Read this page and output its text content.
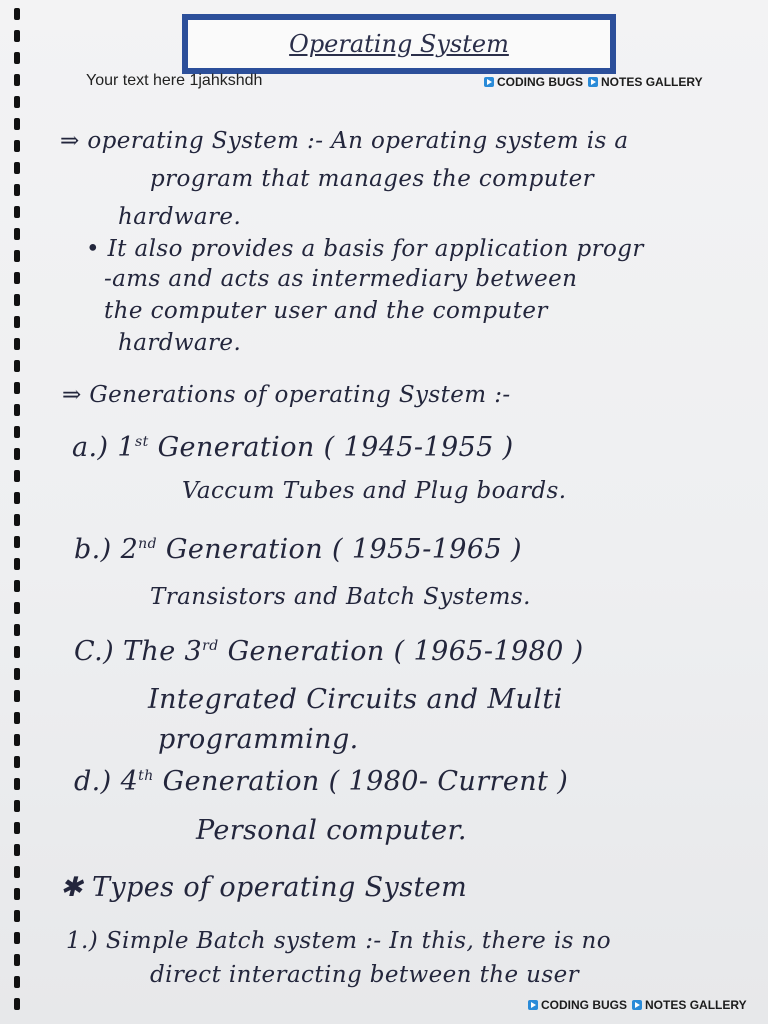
Operating System
Your text here 1jahkshdh	CODING BUGS NOTES GALLERY
⇒ operating System :- An operating system is a
program that manages the computer
hardware.
• It also provides a basis for application progr
-ams and acts as intermediary between
the computer user and the computer
hardware.
⇒ Generations of operating System :-
a.) 1st Generation ( 1945-1955 )
Vaccum Tubes and Plug boards.
b.) 2nd Generation ( 1955-1965 )
Transistors and Batch Systems.
C.) The 3rd Generation ( 1965-1980 )
Integrated Circuits and Multi
programming.
d.) 4th Generation ( 1980- Current )
Personal computer.
✱ Types of operating System
1.) Simple Batch system :- In this, there is no
direct interacting between the user
CODING BUGS NOTES GALLERY
